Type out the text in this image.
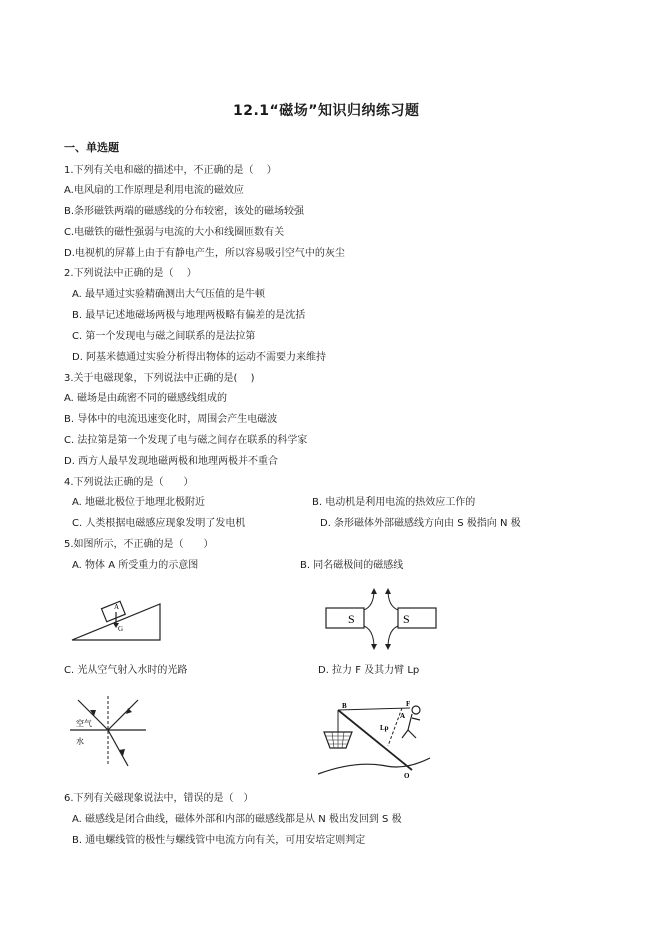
12.1“磁场”知识归纳练习题
一、单选题
1.下列有关电和磁的描述中，不正确的是（　 ）
A.电风扇的工作原理是利用电流的磁效应
B.条形磁铁两端的磁感线的分布较密，该处的磁场较强
C.电磁铁的磁性强弱与电流的大小和线圈匝数有关
D.电视机的屏幕上由于有静电产生，所以容易吸引空气中的灰尘
2.下列说法中正确的是（　 ）
A. 最早通过实验精确测出大气压值的是牛顿
B. 最早记述地磁场两极与地理两极略有偏差的是沈括
C. 第一个发现电与磁之间联系的是法拉第
D. 阿基米德通过实验分析得出物体的运动不需要力来维持
3.关于电磁现象，下列说法中正确的是(　 )
A. 磁场是由疏密不同的磁感线组成的
B. 导体中的电流迅速变化时，周围会产生电磁波
C. 法拉第是第一个发现了电与磁之间存在联系的科学家
D. 西方人最早发现地磁两极和地理两极并不重合
4.下列说法正确的是（　　）
A. 地磁北极位于地理北极附近	B. 电动机是利用电流的热效应工作的
C. 人类根据电磁感应现象发明了发电机	D. 条形磁体外部磁感线方向由 S 极指向 N 极
5.如图所示，不正确的是（　　）
A. 物体 A 所受重力的示意图	B. 同名磁极间的磁感线
A
G
S	S
C. 光从空气射入水时的光路	D. 拉力 F 及其力臂 Lp
空气
水
B	F
A
Lp
O
6.下列有关磁现象说法中，错误的是（　）
A. 磁感线是闭合曲线，磁体外部和内部的磁感线都是从 N 极出发回到 S 极
B. 通电螺线管的极性与螺线管中电流方向有关，可用安培定则判定
